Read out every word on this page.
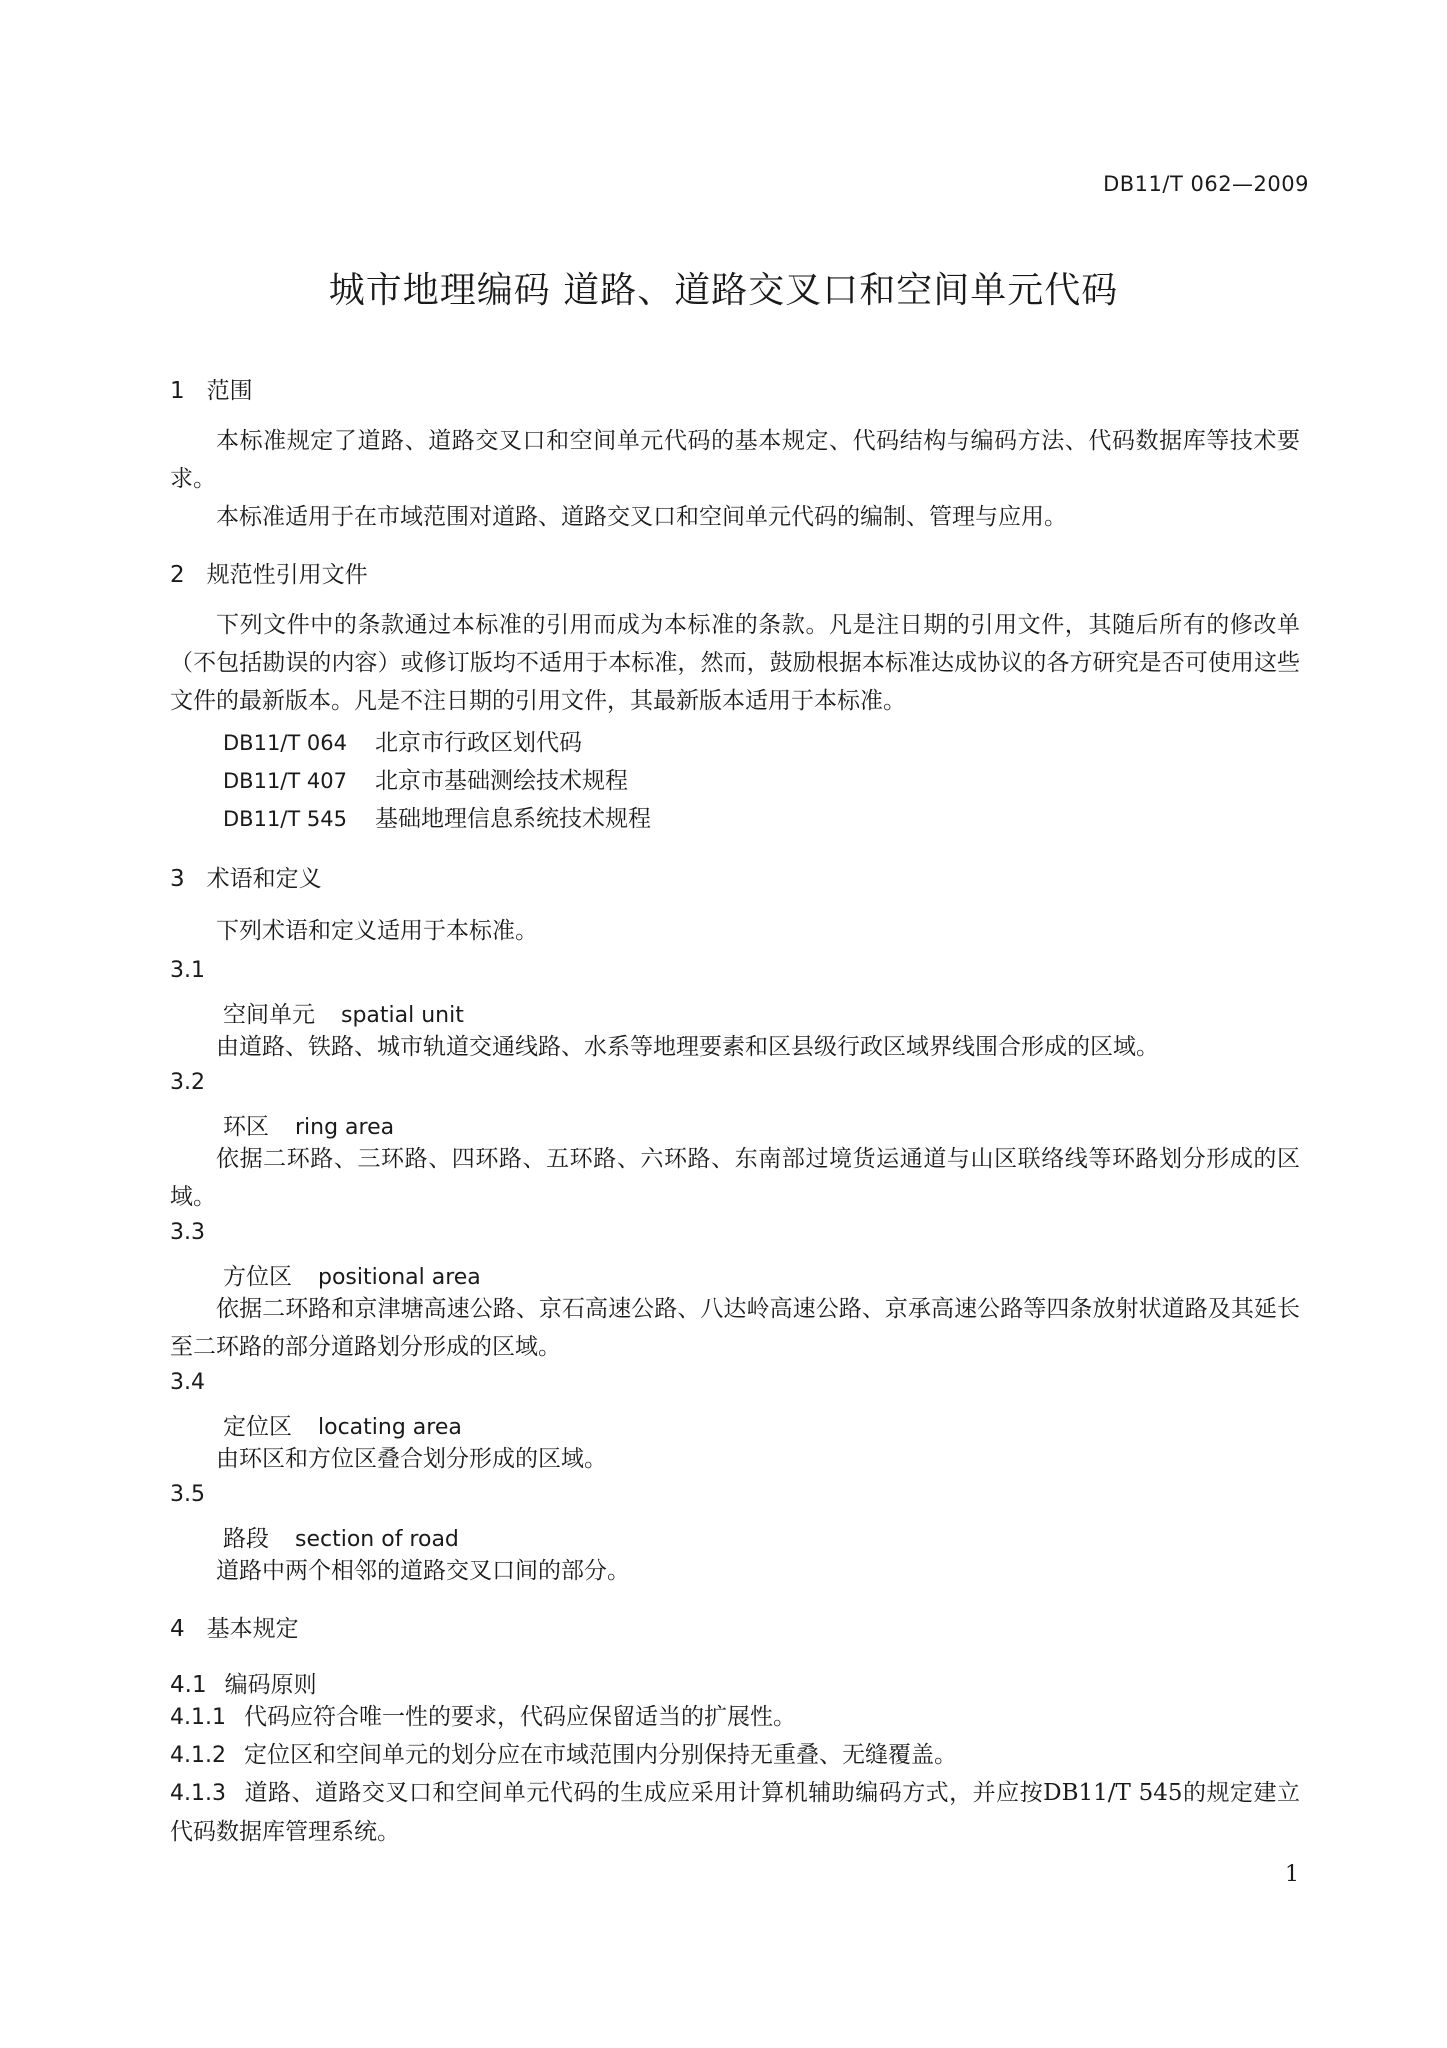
DB11/T 062—2009
城市地理编码 道路、道路交叉口和空间单元代码
1 范围
本标准规定了道路、道路交叉口和空间单元代码的基本规定、代码结构与编码方法、代码数据库等技术要求。
本标准适用于在市域范围对道路、道路交叉口和空间单元代码的编制、管理与应用。
2 规范性引用文件
下列文件中的条款通过本标准的引用而成为本标准的条款。凡是注日期的引用文件，其随后所有的修改单（不包括勘误的内容）或修订版均不适用于本标准，然而，鼓励根据本标准达成协议的各方研究是否可使用这些文件的最新版本。凡是不注日期的引用文件，其最新版本适用于本标准。
DB11/T 064 北京市行政区划代码
DB11/T 407 北京市基础测绘技术规程
DB11/T 545 基础地理信息系统技术规程
3 术语和定义
下列术语和定义适用于本标准。
3.1
空间单元 spatial unit
由道路、铁路、城市轨道交通线路、水系等地理要素和区县级行政区域界线围合形成的区域。
3.2
环区 ring area
依据二环路、三环路、四环路、五环路、六环路、东南部过境货运通道与山区联络线等环路划分形成的区域。
3.3
方位区 positional area
依据二环路和京津塘高速公路、京石高速公路、八达岭高速公路、京承高速公路等四条放射状道路及其延长至二环路的部分道路划分形成的区域。
3.4
定位区 locating area
由环区和方位区叠合划分形成的区域。
3.5
路段 section of road
道路中两个相邻的道路交叉口间的部分。
4 基本规定
4.1 编码原则
4.1.1 代码应符合唯一性的要求，代码应保留适当的扩展性。
4.1.2 定位区和空间单元的划分应在市域范围内分别保持无重叠、无缝覆盖。
4.1.3 道路、道路交叉口和空间单元代码的生成应采用计算机辅助编码方式，并应按DB11/T 545的规定建立代码数据库管理系统。
1
